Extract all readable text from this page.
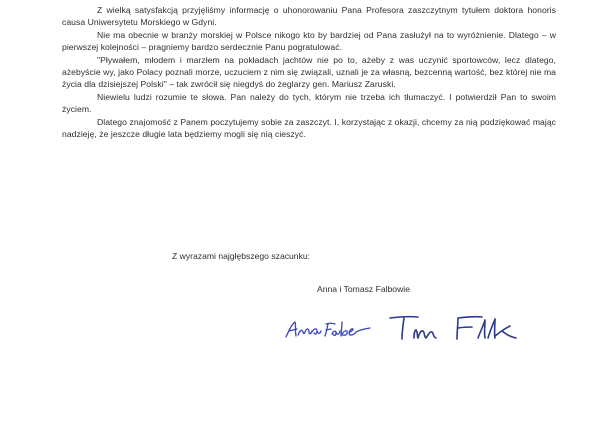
Z wielką satysfakcją przyjęliśmy informację o uhonorowaniu Pana Profesora zaszczytnym tytułem doktora honoris causa Uniwersytetu Morskiego w Gdyni.

Nie ma obecnie w branży morskiej w Polsce nikogo kto by bardziej od Pana zasłużył na to wyróżnienie. Dlatego – w pierwszej kolejności – pragniemy bardzo serdecznie Panu pogratulować.

"Pływałem, młodem i marzłem na pokładach jachtów nie po to, ażeby z was uczynić sportowców, lecz dlatego, ażebyście wy, jako Polacy poznali morze, uczuciem z nim się związali, uznali je za własną, bezcenną wartość, bez której nie ma życia dla dzisiejszej Polski" – tak zwrócił się niegdyś do żeglarzy gen. Mariusz Zaruski.

Niewielu ludzi rozumie te słowa. Pan należy do tych, którym nie trzeba ich tłumaczyć. I potwierdził Pan to swoim życiem.

Dlatego znajomość z Panem poczytujemy sobie za zaszczyt. I, korzystając z okazji, chcemy za nią podziękować mając nadzieję, że jeszcze długie lata będziemy mogli się nią cieszyć.

Z wyrazami najgłębszego szacunku:
Anna i Tomasz Falbowie
